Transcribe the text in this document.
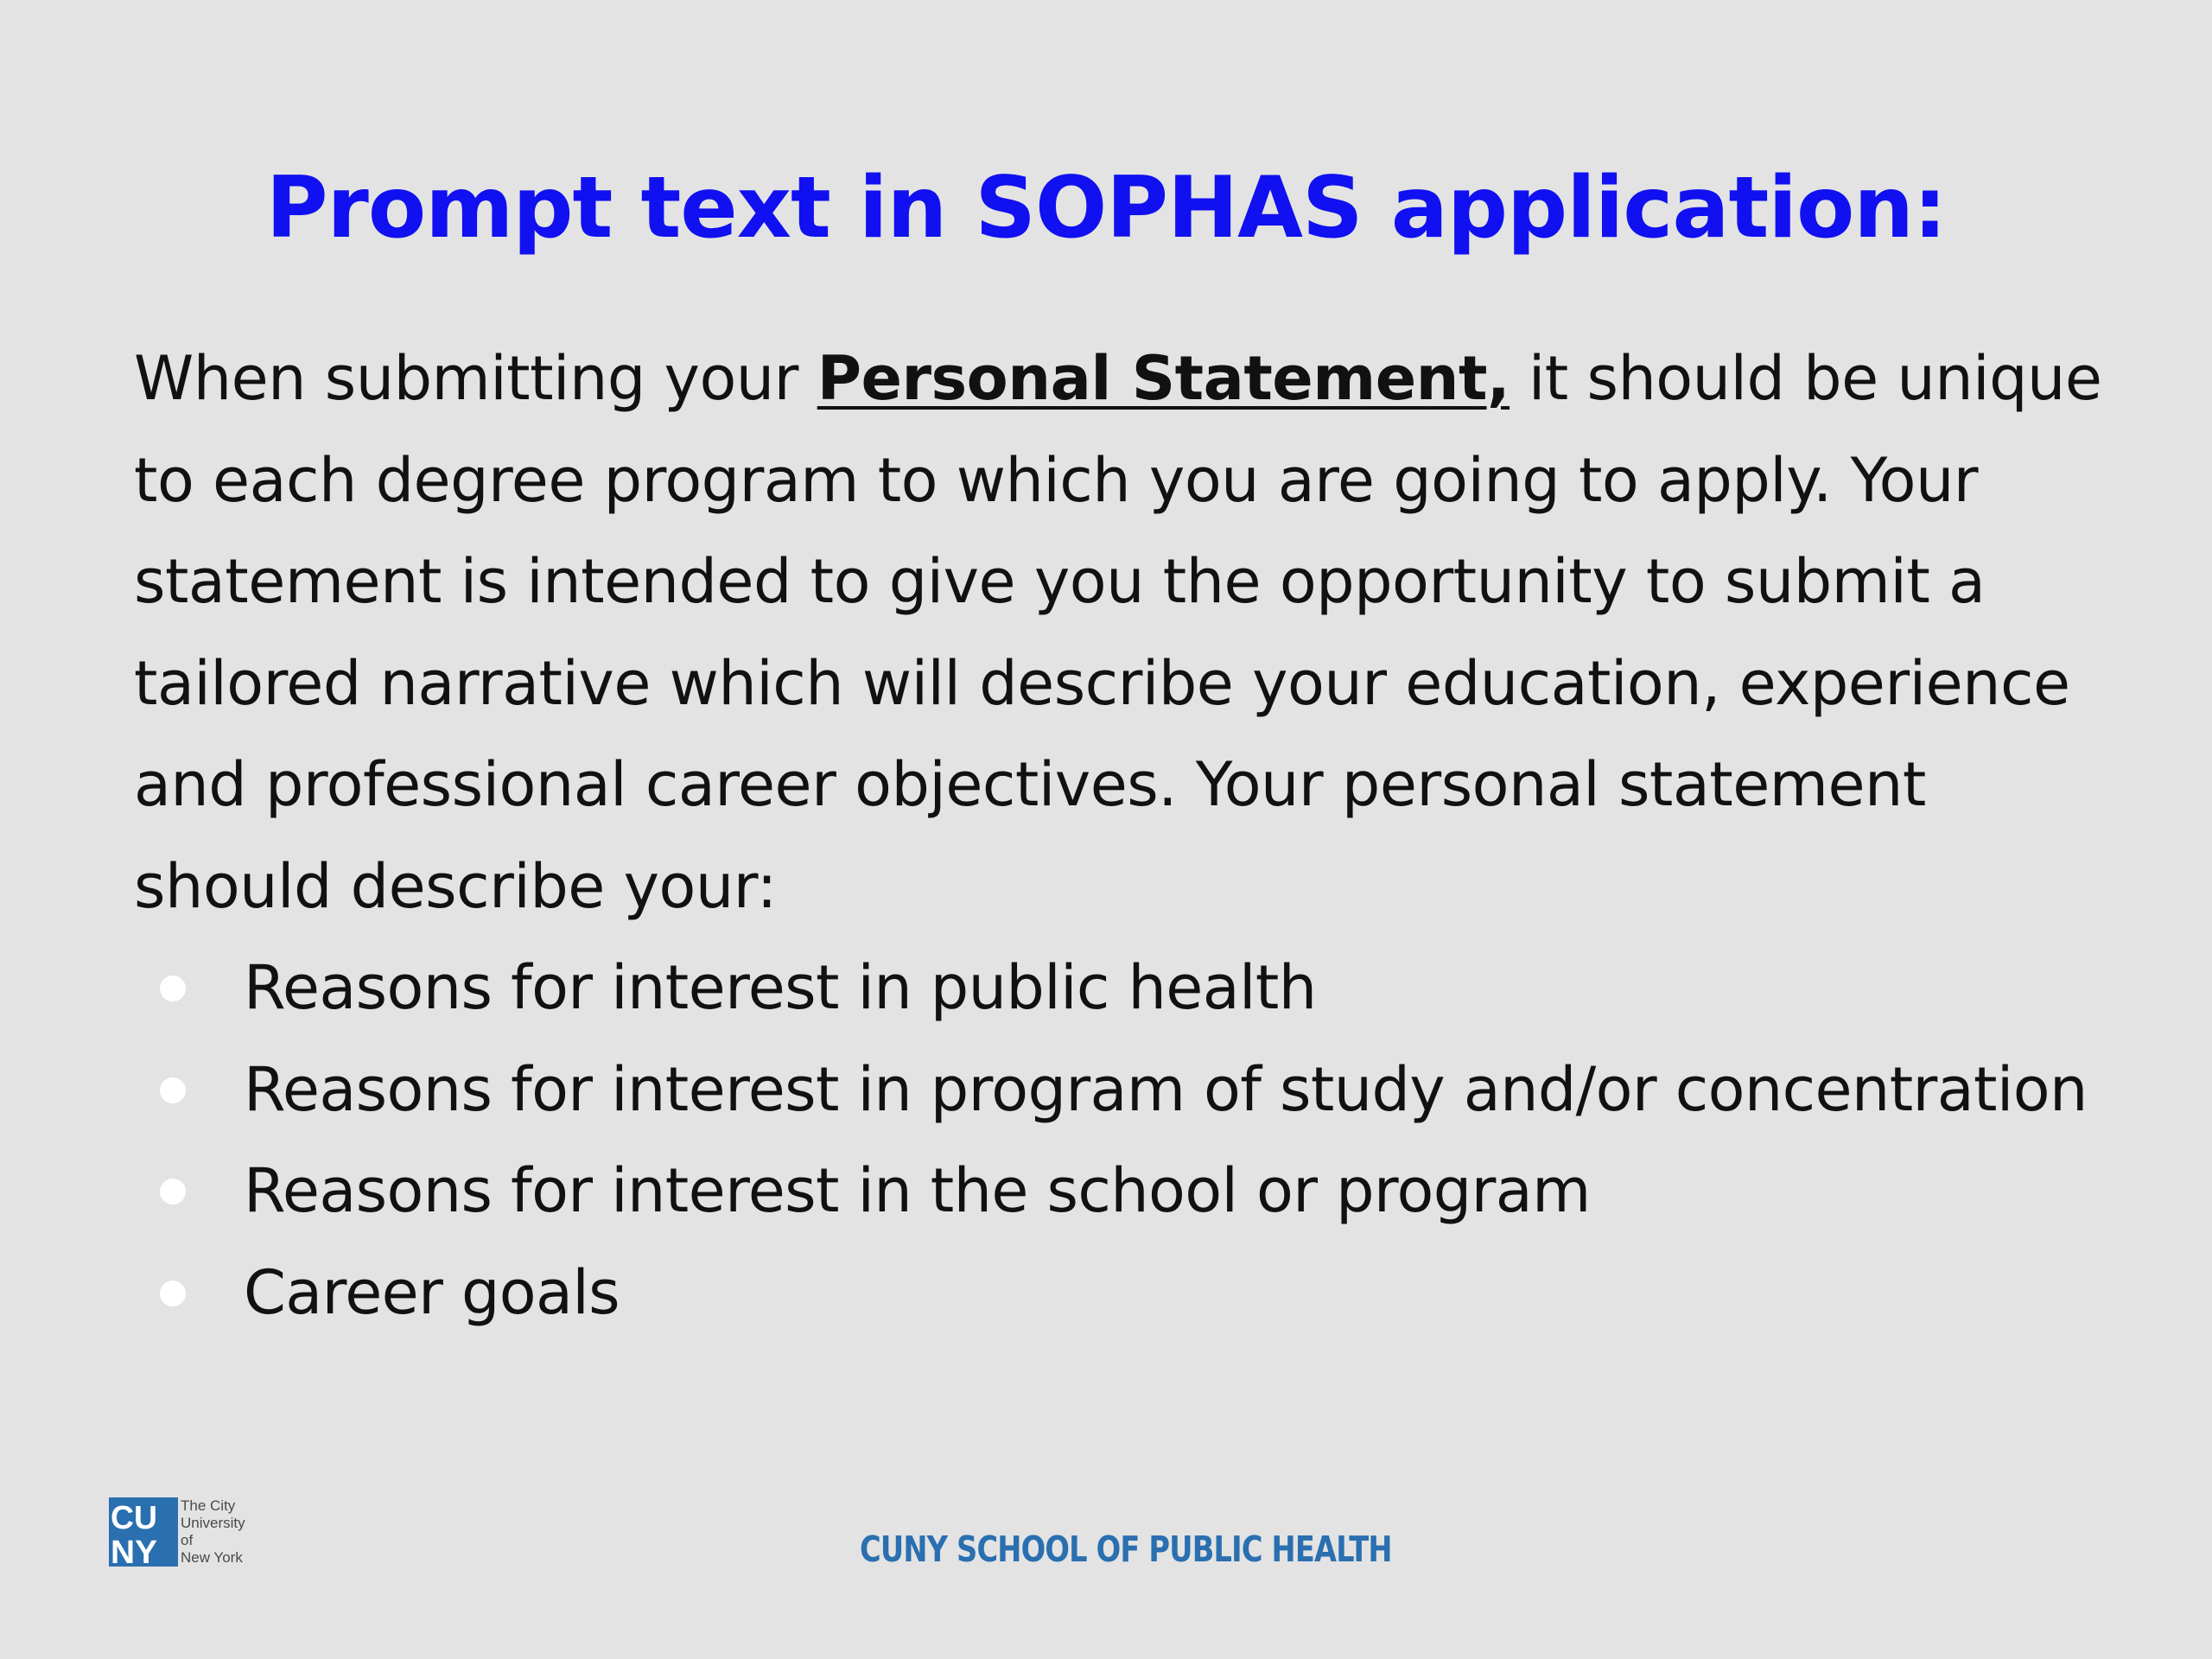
Prompt text in SOPHAS application:

When submitting your Personal Statement, it should be unique to each degree program to which you are going to apply. Your statement is intended to give you the opportunity to submit a tailored narrative which will describe your education, experience and professional career objectives. Your personal statement should describe your:

Reasons for interest in public health
Reasons for interest in program of study and/or concentration
Reasons for interest in the school or program
Career goals
CU
NY
The City
University
of
New York	CUNY SCHOOL OF PUBLIC HEALTH
